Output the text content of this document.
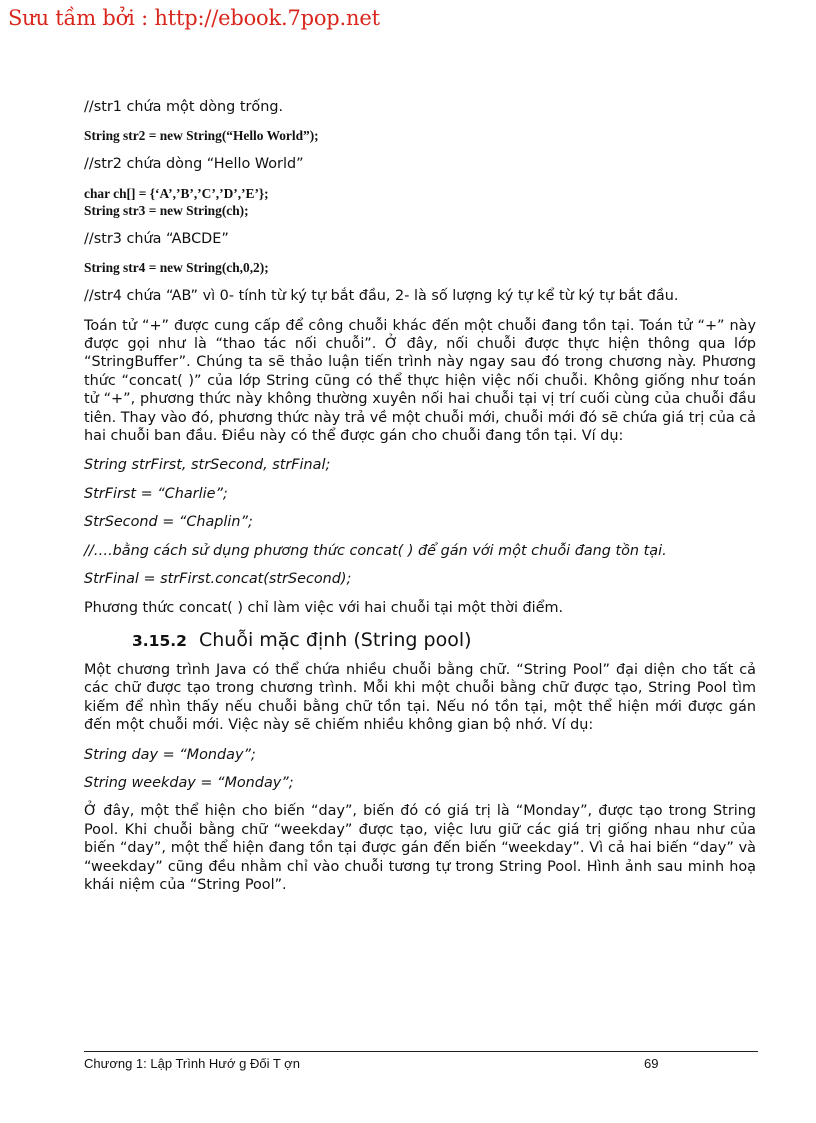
Sưu tầm bởi : http://ebook.7pop.net

//str1 chứa một dòng trống.

String str2 = new String(“Hello World”);

//str2 chứa dòng “Hello World”

char ch[] = {‘A’,’B’,’C’,’D’,’E’};

String str3 = new String(ch);

//str3 chứa “ABCDE”

String str4 = new String(ch,0,2);

//str4 chứa “AB” vì 0- tính từ ký tự bắt đầu, 2- là số lượng ký tự kể từ ký tự bắt đầu.

Toán tử “+” được cung cấp để công chuỗi khác đến một chuỗi đang tồn tại. Toán tử “+” này được gọi như là “thao tác nối chuỗi”. Ở đây, nối chuỗi được thực hiện thông qua lớp “StringBuffer”. Chúng ta sẽ thảo luận tiến trình này ngay sau đó trong chương này. Phương thức “concat( )” của lớp String cũng có thể thực hiện việc nối chuỗi. Không giống như toán tử “+”, phương thức này không thường xuyên nối hai chuỗi tại vị trí cuối cùng của chuỗi đầu tiên. Thay vào đó, phương thức này trả về một chuỗi mới, chuỗi mới đó sẽ chứa giá trị của cả hai chuỗi ban đầu. Điều này có thể được gán cho chuỗi đang tồn tại. Ví dụ:

String strFirst, strSecond, strFinal;

StrFirst = “Charlie”;

StrSecond = “Chaplin”;

//….bằng cách sử dụng phương thức concat( ) để gán với một chuỗi đang tồn tại.

StrFinal = strFirst.concat(strSecond);

Phương thức concat( ) chỉ làm việc với hai chuỗi tại một thời điểm.

3.15.2 Chuỗi mặc định (String pool)

Một chương trình Java có thể chứa nhiều chuỗi bằng chữ. “String Pool” đại diện cho tất cả các chữ được tạo trong chương trình. Mỗi khi một chuỗi bằng chữ được tạo, String Pool tìm kiếm để nhìn thấy nếu chuỗi bằng chữ tồn tại. Nếu nó tồn tại, một thể hiện mới được gán đến một chuỗi mới. Việc này sẽ chiếm nhiều không gian bộ nhớ. Ví dụ:

String day = “Monday”;

String weekday = “Monday”;

Ở đây, một thể hiện cho biến “day”, biến đó có giá trị là “Monday”, được tạo trong String Pool. Khi chuỗi bằng chữ “weekday” được tạo, việc lưu giữ các giá trị giống nhau như của biến “day”, một thể hiện đang tồn tại được gán đến biến “weekday”. Vì cả hai biến “day” và “weekday” cũng đều nhằm chỉ vào chuỗi tương tự trong String Pool. Hình ảnh sau minh hoạ khái niệm của “String Pool”.

Chương 1: Lập Trình Hướ g Đối T ợn	69
